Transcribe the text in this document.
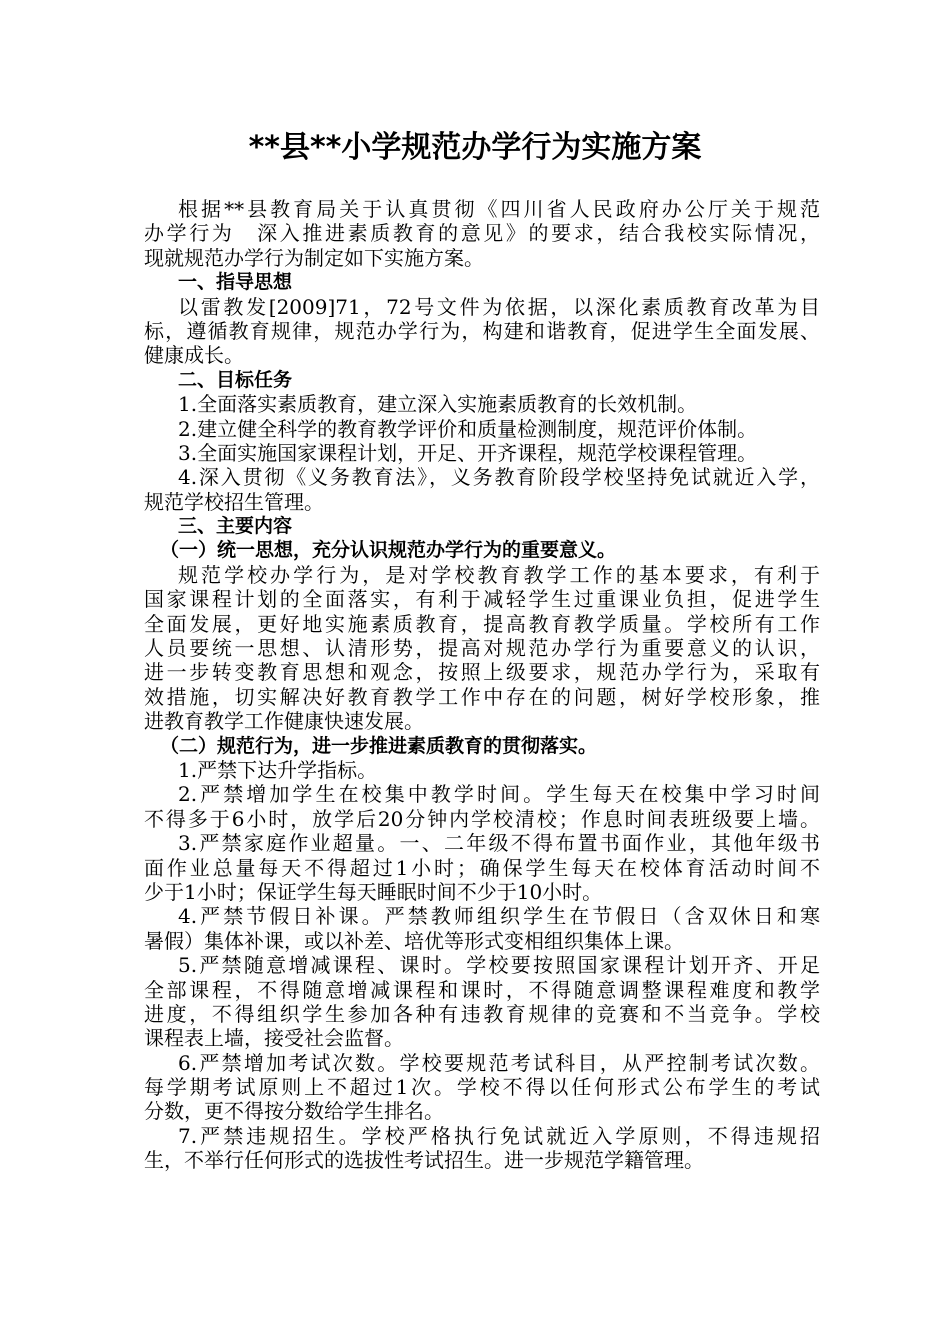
**县**小学规范办学行为实施方案
根据**县教育局关于认真贯彻《四川省人民政府办公厅关于规范
办学行为　深入推进素质教育的意见》的要求，结合我校实际情况，
现就规范办学行为制定如下实施方案。
一、指导思想
以雷教发[2009]71，72号文件为依据，以深化素质教育改革为目
标，遵循教育规律，规范办学行为，构建和谐教育，促进学生全面发展、
健康成长。
二、目标任务
1.全面落实素质教育，建立深入实施素质教育的长效机制。
2.建立健全科学的教育教学评价和质量检测制度，规范评价体制。
3.全面实施国家课程计划，开足、开齐课程，规范学校课程管理。
4.深入贯彻《义务教育法》，义务教育阶段学校坚持免试就近入学，
规范学校招生管理。
三、主要内容
（一）统一思想，充分认识规范办学行为的重要意义。
规范学校办学行为，是对学校教育教学工作的基本要求，有利于
国家课程计划的全面落实，有利于减轻学生过重课业负担，促进学生
全面发展，更好地实施素质教育，提高教育教学质量。学校所有工作
人员要统一思想、认清形势，提高对规范办学行为重要意义的认识，
进一步转变教育思想和观念，按照上级要求，规范办学行为，采取有
效措施，切实解决好教育教学工作中存在的问题，树好学校形象，推
进教育教学工作健康快速发展。
（二）规范行为，进一步推进素质教育的贯彻落实。
1.严禁下达升学指标。
2.严禁增加学生在校集中教学时间。学生每天在校集中学习时间
不得多于6小时，放学后20分钟内学校清校；作息时间表班级要上墙。
3.严禁家庭作业超量。一、二年级不得布置书面作业，其他年级书
面作业总量每天不得超过1小时；确保学生每天在校体育活动时间不
少于1小时；保证学生每天睡眠时间不少于10小时。
4.严禁节假日补课。严禁教师组织学生在节假日（含双休日和寒
暑假）集体补课，或以补差、培优等形式变相组织集体上课。
5.严禁随意增减课程、课时。学校要按照国家课程计划开齐、开足
全部课程，不得随意增减课程和课时，不得随意调整课程难度和教学
进度，不得组织学生参加各种有违教育规律的竞赛和不当竞争。学校
课程表上墙，接受社会监督。
6.严禁增加考试次数。学校要规范考试科目，从严控制考试次数。
每学期考试原则上不超过1次。学校不得以任何形式公布学生的考试
分数，更不得按分数给学生排名。
7.严禁违规招生。学校严格执行免试就近入学原则，不得违规招
生，不举行任何形式的选拔性考试招生。进一步规范学籍管理。
